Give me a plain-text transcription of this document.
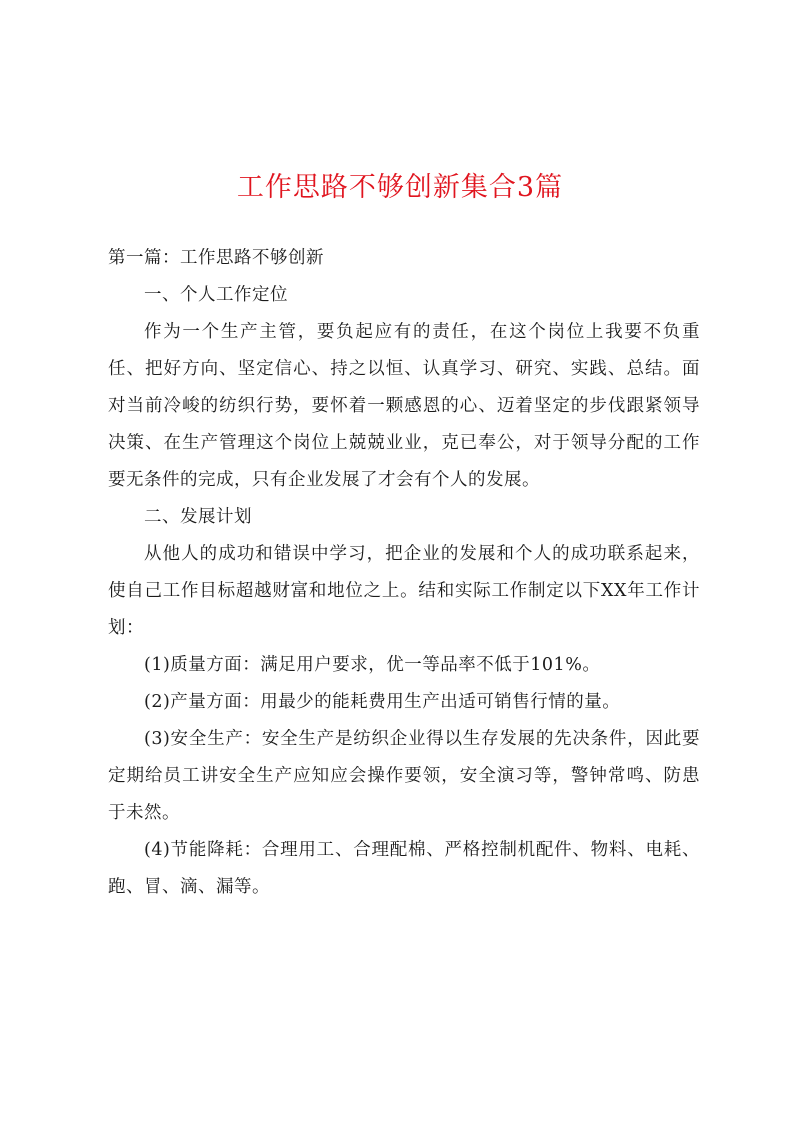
工作思路不够创新集合3篇

第一篇：工作思路不够创新

一、个人工作定位

作为一个生产主管，要负起应有的责任，在这个岗位上我要不负重任、把好方向、坚定信心、持之以恒、认真学习、研究、实践、总结。面对当前冷峻的纺织行势，要怀着一颗感恩的心、迈着坚定的步伐跟紧领导决策、在生产管理这个岗位上兢兢业业，克已奉公，对于领导分配的工作要无条件的完成，只有企业发展了才会有个人的发展。

二、发展计划

从他人的成功和错误中学习，把企业的发展和个人的成功联系起来，使自己工作目标超越财富和地位之上。结和实际工作制定以下XX年工作计划：

(1)质量方面：满足用户要求，优一等品率不低于101%。

(2)产量方面：用最少的能耗费用生产出适可销售行情的量。

(3)安全生产：安全生产是纺织企业得以生存发展的先决条件，因此要定期给员工讲安全生产应知应会操作要领，安全演习等，警钟常鸣、防患于未然。

(4)节能降耗：合理用工、合理配棉、严格控制机配件、物料、电耗、跑、冒、滴、漏等。
